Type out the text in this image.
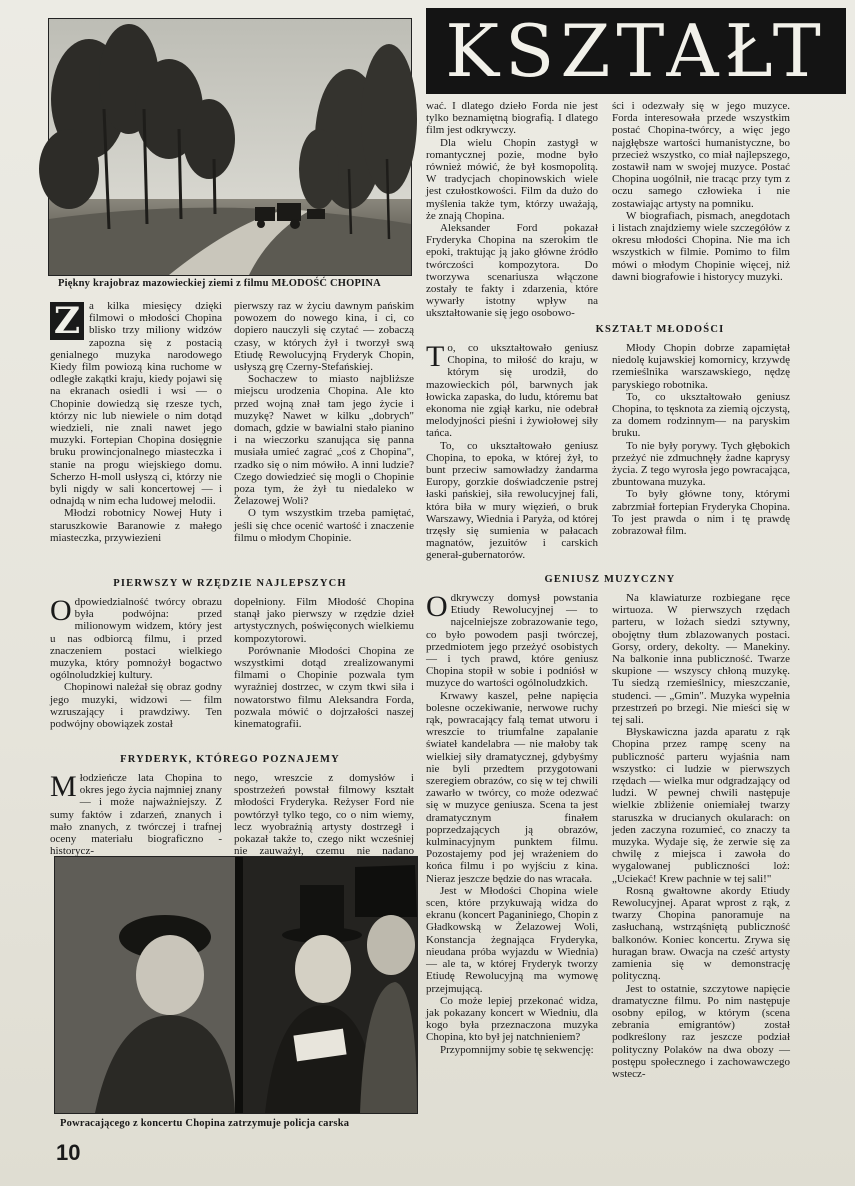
KSZTAŁT
Piękny krajobraz mazowieckiej ziemi z filmu MŁODOŚĆ CHOPINA
Z a kilka miesięcy dzięki filmowi o młodości Chopina blisko trzy miliony widzów zapozna się z postacią genialnego muzyka narodowego Kiedy film powiozą kina ruchome w odległe zakątki kraju, kiedy pojawi się na ekranach osiedli i wsi — o Chopinie dowiedzą się rzesze tych, którzy nic lub niewiele o nim dotąd wiedzieli, nie znali nawet jego muzyki. Fortepian Chopina dosięgnie bruku prowincjonalnego miasteczka i stanie na progu wiejskiego domu. Scherzo H-moll usłyszą ci, którzy nie byli nigdy w sali koncertowej — i odnajdą w nim echa ludowej melodii.

Młodzi robotnicy Nowej Huty i staruszkowie Baranowie z małego miasteczka, przywiezieni

pierwszy raz w życiu dawnym pańskim powozem do nowego kina, i ci, co dopiero nauczyli się czytać — zobaczą czasy, w których żył i tworzył swą Etiudę Rewolucyjną Fryderyk Chopin, usłyszą grę Czerny-Stefańskiej.

Sochaczew to miasto najbliższe miejscu urodzenia Chopina. Ale kto przed wojną znał tam jego życie i muzykę? Nawet w kilku „dobrych" domach, gdzie w bawialni stało pianino i na wieczorku szanująca się panna musiała umieć zagrać „coś z Chopina", rzadko się o nim mówiło. A inni ludzie? Czego dowiedzieć się mogli o Chopinie poza tym, że żył tu niedaleko w Żelazowej Woli?

O tym wszystkim trzeba pamiętać, jeśli się chce ocenić wartość i znaczenie filmu o młodym Chopinie.

wać. I dlatego dzieło Forda nie jest tylko beznamiętną biografią. I dlatego film jest odkrywczy.

Dla wielu Chopin zastygł w romantycznej pozie, modne było również mówić, że był kosmopolitą. W tradycjach chopinowskich wiele jest czułostkowości. Film da dużo do myślenia także tym, którzy uważają, że znają Chopina.

Aleksander Ford pokazał Fryderyka Chopina na szerokim tle epoki, traktując ją jako główne źródło twórczości kompozytora. Do tworzywa scenariusza włączone zostały te fakty i zdarzenia, które wywarły istotny wpływ na ukształtowanie się jego osobowo-

ści i odezwały się w jego muzyce. Forda interesowała przede wszystkim postać Chopina-twórcy, a więc jego najgłębsze wartości humanistyczne, bo przecież wszystko, co miał najlepszego, zostawił nam w swojej muzyce. Postać Chopina uogólnił, nie tracąc przy tym z oczu samego człowieka i nie zostawiając artysty na pomniku.

W biografiach, pismach, anegdotach i listach znajdziemy wiele szczegółów z okresu młodości Chopina. Nie ma ich wszystkich w filmie. Pomimo to film mówi o młodym Chopinie więcej, niż dawni biografowie i historycy muzyki.

KSZTAŁT MŁODOŚCI
T o, co ukształtowało geniusz Chopina, to miłość do kraju, w którym się urodził, do mazowieckich pól, barwnych jak łowicka zapaska, do ludu, któremu bat ekonoma nie zgiął karku, nie odebrał melodyjności pieśni i żywiołowej siły tańca.

To, co ukształtowało geniusz Chopina, to epoka, w której żył, to bunt przeciw samowładzy żandarma Europy, gorzkie doświadczenie pstrej łaski pańskiej, siła rewolucyjnej fali, która biła w mury więzień, o bruk Warszawy, Wiednia i Paryża, od której trzęsły się sumienia w pałacach magnatów, jezuitów i carskich generał-gubernatorów.

Młody Chopin dobrze zapamiętał niedolę kujawskiej komornicy, krzywdę rzemieślnika warszawskiego, nędzę paryskiego robotnika.

To, co ukształtowało geniusz Chopina, to tęsknota za ziemią ojczystą, za domem rodzinnym— na paryskim bruku.

To nie były porywy. Tych głębokich przeżyć nie zdmuchnęły żadne kaprysy życia. Z tego wyrosła jego powracająca, zbuntowana muzyka.

To były główne tony, którymi zabrzmiał fortepian Fryderyka Chopina. To jest prawda o nim i tę prawdę zobrazował film.

PIERWSZY W RZĘDZIE NAJLEPSZYCH
O dpowiedzialność twórcy obrazu była podwójna: przed milionowym widzem, który jest u nas odbiorcą filmu, i przed znaczeniem postaci wielkiego muzyka, który pomnożył bogactwo ogólnoludzkiej kultury.

Chopinowi należał się obraz godny jego muzyki, widzowi — film wzruszający i prawdziwy. Ten podwójny obowiązek został

dopełniony. Film Młodość Chopina stanął jako pierwszy w rzędzie dzieł artystycznych, poświęconych wielkiemu kompozytorowi.

Porównanie Młodości Chopina ze wszystkimi dotąd zrealizowanymi filmami o Chopinie pozwala tym wyraźniej dostrzec, w czym tkwi siła i nowatorstwo filmu Aleksandra Forda, pozwala mówić o dojrzałości naszej kinematografii.

FRYDERYK, KTÓREGO POZNAJEMY
M łodzieńcze lata Chopina to okres jego życia najmniej znany — i może najważniejszy. Z sumy faktów i zdarzeń, znanych i mało znanych, z twórczej i trafnej oceny materiału biograficzno - historycz-

nego, wreszcie z domysłów i spostrzeżeń powstał filmowy kształt młodości Fryderyka. Reżyser Ford nie powtórzył tylko tego, co o nim wiemy, lecz wyobraźnią artysty dostrzegł i pokazał także to, czego nikt wcześniej nie zauważył, czemu nie nadano

Powracającego z koncertu Chopina zatrzymuje policja carska
GENIUSZ MUZYCZNY
O dkrywczy domysł powstania Etiudy Rewolucyjnej — to najcelniejsze zobrazowanie tego, co było powodem pasji twórczej, przedmiotem jego przeżyć osobistych — i tych prawd, które geniusz Chopina stopił w sobie i podniósł w muzyce do wartości ogólnoludzkich.

Krwawy kaszel, pełne napięcia bolesne oczekiwanie, nerwowe ruchy rąk, powracający falą temat utworu i wreszcie to triumfalne zapalanie świateł kandelabra — nie małoby tak wielkiej siły dramatycznej, gdybyśmy nie byli przedtem przygotowani szeregiem obrazów, co się w tej chwili zawarło w twórcy, co może odezwać się w muzyce geniusza. Scena ta jest dramatycznym finałem poprzedzających ją obrazów, kulminacyjnym punktem filmu. Pozostajemy pod jej wrażeniem do końca filmu i po wyjściu z kina. Nieraz jeszcze będzie do nas wracała.

Jest w Młodości Chopina wiele scen, które przykuwają widza do ekranu (koncert Paganiniego, Chopin z Gładkowską w Żelazowej Woli, Konstancja żegnająca Fryderyka, nieudana próba wyjazdu w Wiednia) — ale ta, w której Fryderyk tworzy Etiudę Rewolucyjną ma wymowę przejmującą.

Co może lepiej przekonać widza, jak pokazany koncert w Wiedniu, dla kogo była przeznaczona muzyka Chopina, kto był jej natchnieniem?

Przypomnijmy sobie tę sekwencję:

Na klawiaturze rozbiegane ręce wirtuoza. W pierwszych rzędach parteru, w lożach siedzi sztywny, obojętny tłum zblazowanych postaci. Gorsy, ordery, dekolty. — Manekiny. Na balkonie inna publiczność. Twarze skupione — wszyscy chłoną muzykę. Tu siedzą rzemieślnicy, mieszczanie, studenci. — „Gmin". Muzyka wypełnia przestrzeń po brzegi. Nie mieści się w tej sali.

Błyskawiczna jazda aparatu z rąk Chopina przez rampę sceny na publiczność parteru wyjaśnia nam wszystko: ci ludzie w pierwszych rzędach — wielka mur odgradzający od ludzi. W pewnej chwili następuje wielkie zbliżenie oniemiałej twarzy staruszka w drucianych okularach: on jeden zaczyna rozumieć, co znaczy ta muzyka. Wydaje się, że zerwie się za chwilę z miejsca i zawoła do wygalowanej publiczności loż: „Uciekać! Krew pachnie w tej sali!"

Rosną gwałtowne akordy Etiudy Rewolucyjnej. Aparat wprost z rąk, z twarzy Chopina panoramuje na zasłuchaną, wstrząśniętą publiczność balkonów. Koniec koncertu. Zrywa się huragan braw. Owacja na cześć artysty zamienia się w demonstrację polityczną.

Jest to ostatnie, szczytowe napięcie dramatyczne filmu. Po nim następuje osobny epilog, w którym (scena zebrania emigrantów) został podkreślony raz jeszcze podział polityczny Polaków na dwa obozy — postępu społecznego i zachowawczego wstecz-

10
